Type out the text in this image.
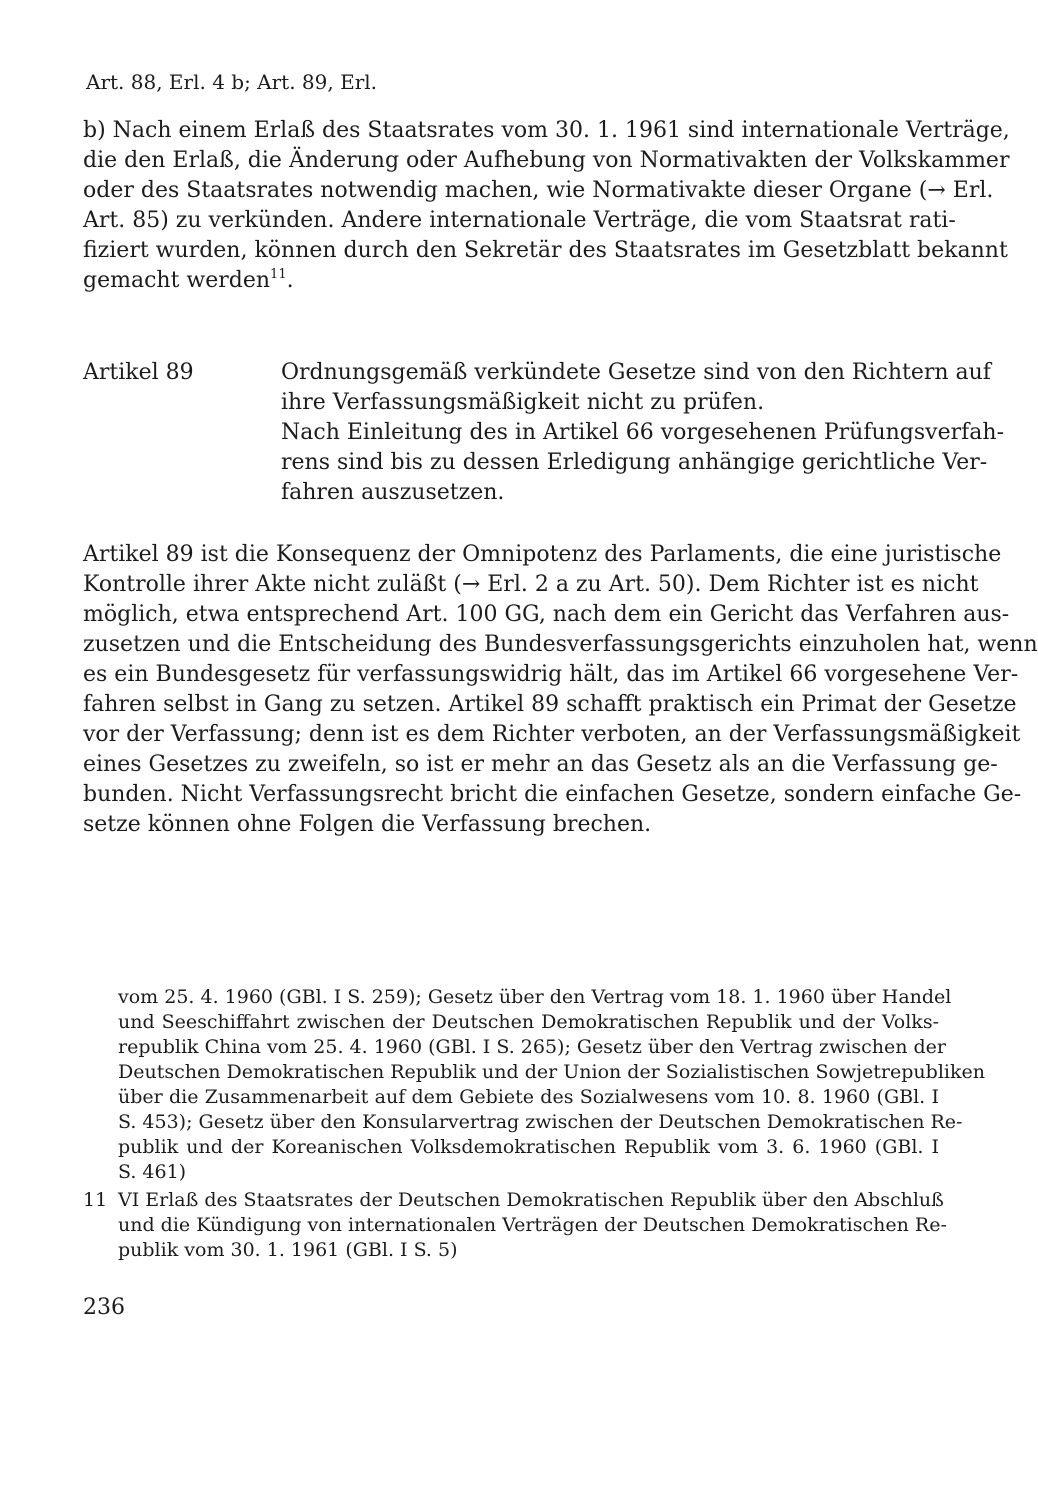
Art. 88, Erl. 4 b; Art. 89, Erl.
b) Nach einem Erlaß des Staatsrates vom 30. 1. 1961 sind internationale Verträge,
die den Erlaß, die Änderung oder Aufhebung von Normativakten der Volkskammer
oder des Staatsrates notwendig machen, wie Normativakte dieser Organe (→ Erl.
Art. 85) zu verkünden. Andere internationale Verträge, die vom Staatsrat rati-
fiziert wurden, können durch den Sekretär des Staatsrates im Gesetzblatt bekannt
gemacht werden$^{11}$.
Artikel 89	Ordnungsgemäß verkündete Gesetze sind von den Richtern auf
ihre Verfassungsmäßigkeit nicht zu prüfen.
Nach Einleitung des in Artikel 66 vorgesehenen Prüfungsverfah-
rens sind bis zu dessen Erledigung anhängige gerichtliche Ver-
fahren auszusetzen.
Artikel 89 ist die Konsequenz der Omnipotenz des Parlaments, die eine juristische
Kontrolle ihrer Akte nicht zuläßt (→ Erl. 2 a zu Art. 50). Dem Richter ist es nicht
möglich, etwa entsprechend Art. 100 GG, nach dem ein Gericht das Verfahren aus-
zusetzen und die Entscheidung des Bundesverfassungsgerichts einzuholen hat, wenn
es ein Bundesgesetz für verfassungswidrig hält, das im Artikel 66 vorgesehene Ver-
fahren selbst in Gang zu setzen. Artikel 89 schafft praktisch ein Primat der Gesetze
vor der Verfassung; denn ist es dem Richter verboten, an der Verfassungsmäßigkeit
eines Gesetzes zu zweifeln, so ist er mehr an das Gesetz als an die Verfassung ge-
bunden. Nicht Verfassungsrecht bricht die einfachen Gesetze, sondern einfache Ge-
setze können ohne Folgen die Verfassung brechen.
vom 25. 4. 1960 (GBl. I S. 259); Gesetz über den Vertrag vom 18. 1. 1960 über Handel
und Seeschiffahrt zwischen der Deutschen Demokratischen Republik und der Volks-
republik China vom 25. 4. 1960 (GBl. I S. 265); Gesetz über den Vertrag zwischen der
Deutschen Demokratischen Republik und der Union der Sozialistischen Sowjetrepubliken
über die Zusammenarbeit auf dem Gebiete des Sozialwesens vom 10. 8. 1960 (GBl. I
S. 453); Gesetz über den Konsularvertrag zwischen der Deutschen Demokratischen Re-
publik und der Koreanischen Volksdemokratischen Republik vom 3. 6. 1960 (GBl. I
S. 461)
11 VI Erlaß des Staatsrates der Deutschen Demokratischen Republik über den Abschluß
und die Kündigung von internationalen Verträgen der Deutschen Demokratischen Re-
publik vom 30. 1. 1961 (GBl. I S. 5)
236
